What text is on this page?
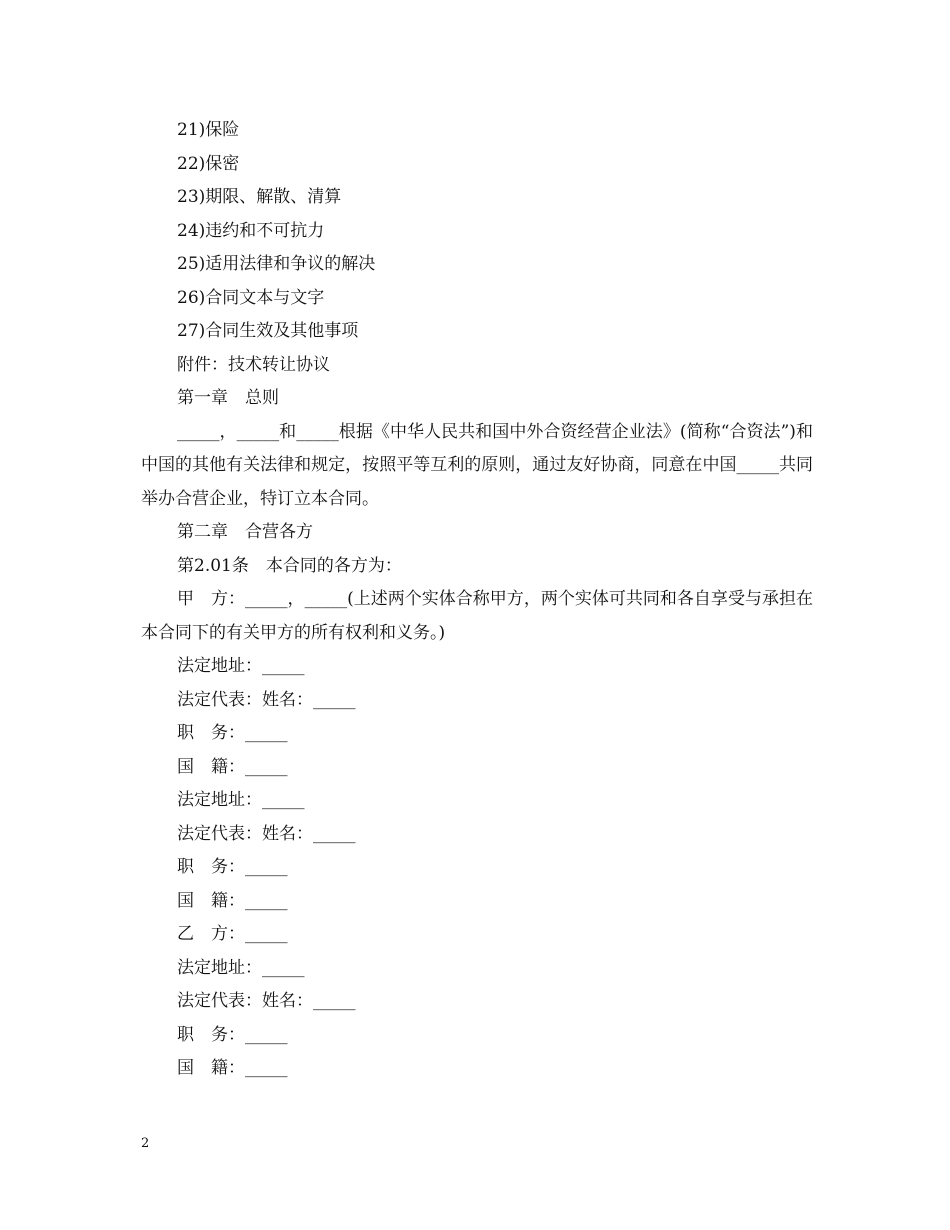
21)保险
22)保密
23)期限、解散、清算
24)违约和不可抗力
25)适用法律和争议的解决
26)合同文本与文字
27)合同生效及其他事项
附件：技术转让协议
第一章　总则
_____，_____和_____根据《中华人民共和国中外合资经营企业法》(简称“合资法”)和中国的其他有关法律和规定，按照平等互利的原则，通过友好协商，同意在中国_____共同举办合营企业，特订立本合同。
第二章　合营各方
第2.01条　本合同的各方为：
甲　方：_____，_____(上述两个实体合称甲方，两个实体可共同和各自享受与承担在本合同下的有关甲方的所有权利和义务。)
法定地址：_____
法定代表：姓名：_____
职　务：_____
国　籍：_____
法定地址：_____
法定代表：姓名：_____
职　务：_____
国　籍：_____
乙　方：_____
法定地址：_____
法定代表：姓名：_____
职　务：_____
国　籍：_____
2
